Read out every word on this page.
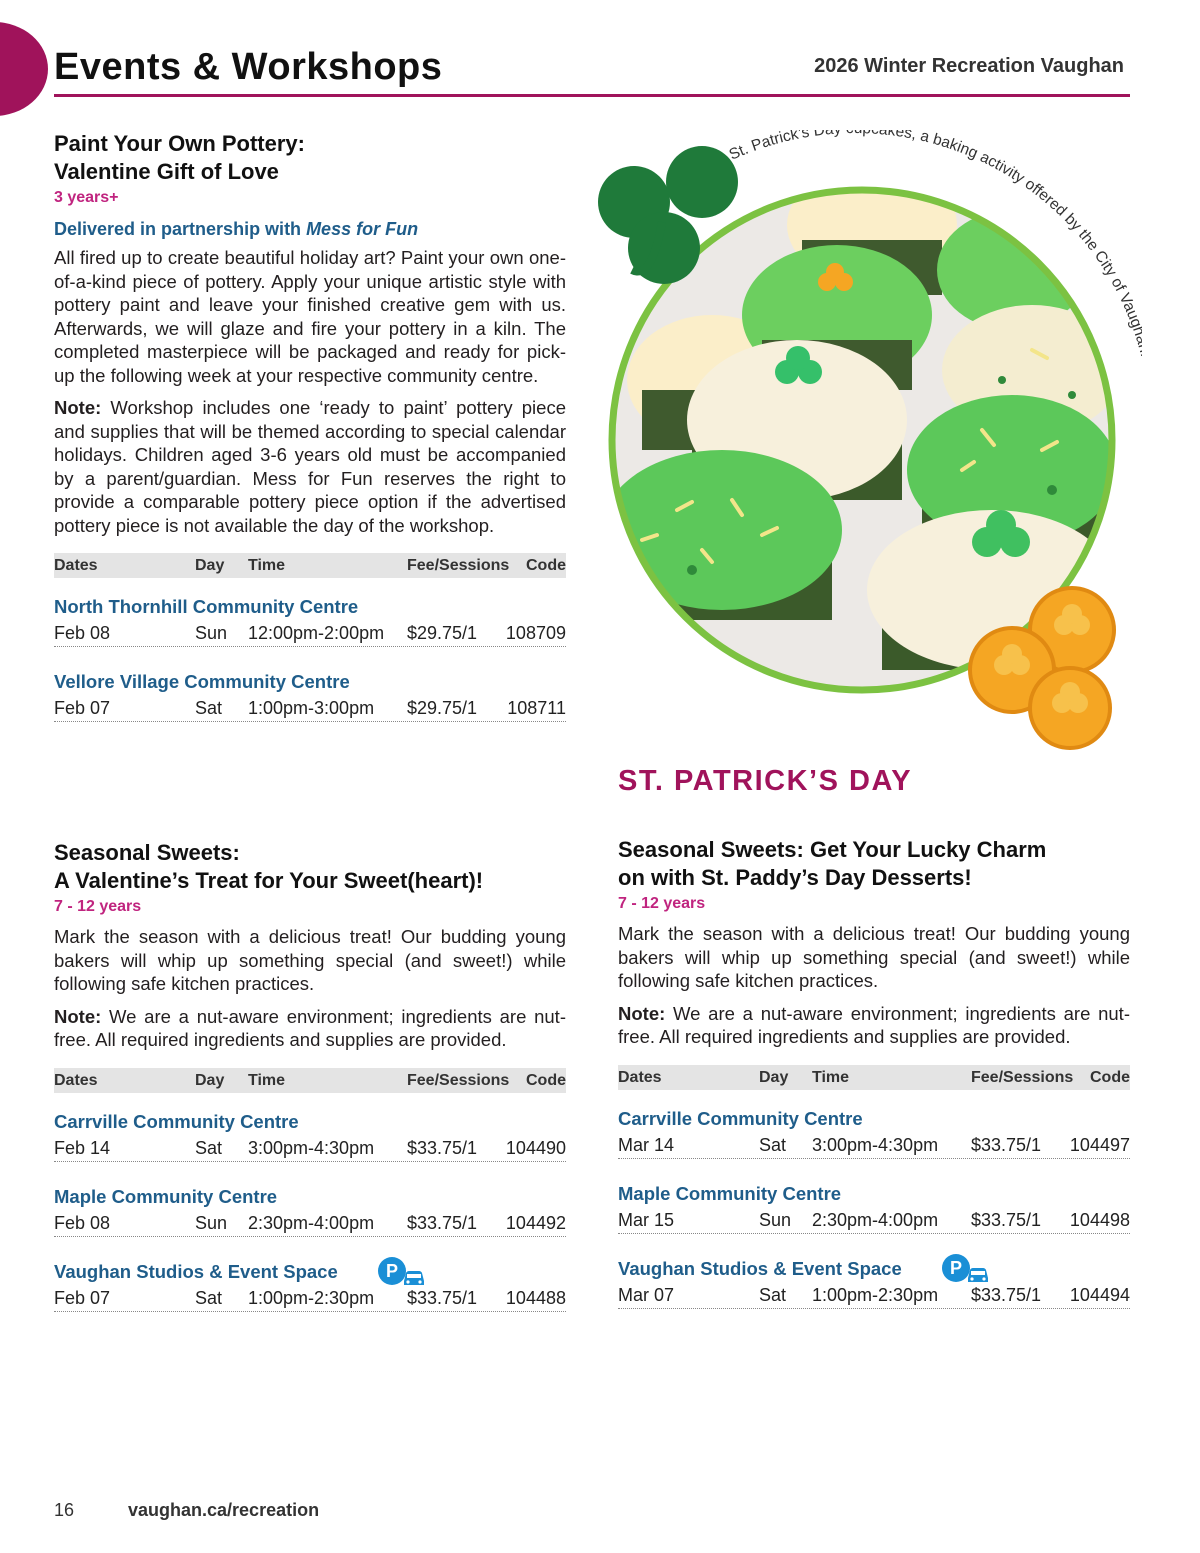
Events & Workshops	2026 Winter Recreation Vaughan
Paint Your Own Pottery:
Valentine Gift of Love
3 years+
Delivered in partnership with Mess for Fun

All fired up to create beautiful holiday art? Paint your own one-of-a-kind piece of pottery. Apply your unique artistic style with pottery paint and leave your finished creative gem with us. Afterwards, we will glaze and fire your pottery in a kiln. The completed masterpiece will be packaged and ready for pick-up the following week at your respective community centre.

Note: Workshop includes one ‘ready to paint’ pottery piece and supplies that will be themed according to special calendar holidays. Children aged 3-6 years old must be accompanied by a parent/guardian. Mess for Fun reserves the right to provide a comparable pottery piece option if the advertised pottery piece is not available the day of the workshop.

Dates	Day Time	Fee/Sessions Code
North Thornhill Community Centre
Feb 08	Sun 12:00pm-2:00pm $29.75/1 108709
Vellore Village Community Centre
Feb 07	Sat 1:00pm-3:00pm $29.75/1 108711
Seasonal Sweets:
A Valentine’s Treat for Your Sweet(heart)!
7 - 12 years

Mark the season with a delicious treat! Our budding young bakers will whip up something special (and sweet!) while following safe kitchen practices.

Note: We are a nut-aware environment; ingredients are nut-free. All required ingredients and supplies are provided.

Dates	Day Time	Fee/Sessions Code
Carrville Community Centre
Feb 14	Sat 3:00pm-4:30pm $33.75/1 104490
Maple Community Centre
Feb 08	Sun 2:30pm-4:00pm $33.75/1 104492
Vaughan Studios & Event Space	P
Feb 07	Sat 1:00pm-2:30pm $33.75/1 104488
St. Patrick’s D kes, a baking activity offered by the City of Vau
ST. PATRICK’S DAY
Seasonal Sweets: Get Your Lucky Charm
on with St. Paddy’s Day Desserts!
7 - 12 years

Mark the season with a delicious treat! Our budding young bakers will whip up something special (and sweet!) while following safe kitchen practices.

Note: We are a nut-aware environment; ingredients are nut-free. All required ingredients and supplies are provided.

Dates	Day Time	Fee/Sessions Code
Carrville Community Centre
Mar 14	Sat 3:00pm-4:30pm $33.75/1 104497
Maple Community Centre
Mar 15	Sun 2:30pm-4:00pm $33.75/1 104498
Vaughan Studios & Event Space	P
Mar 07	Sat 1:00pm-2:30pm $33.75/1 104494
16	vaughan.ca/recreation
